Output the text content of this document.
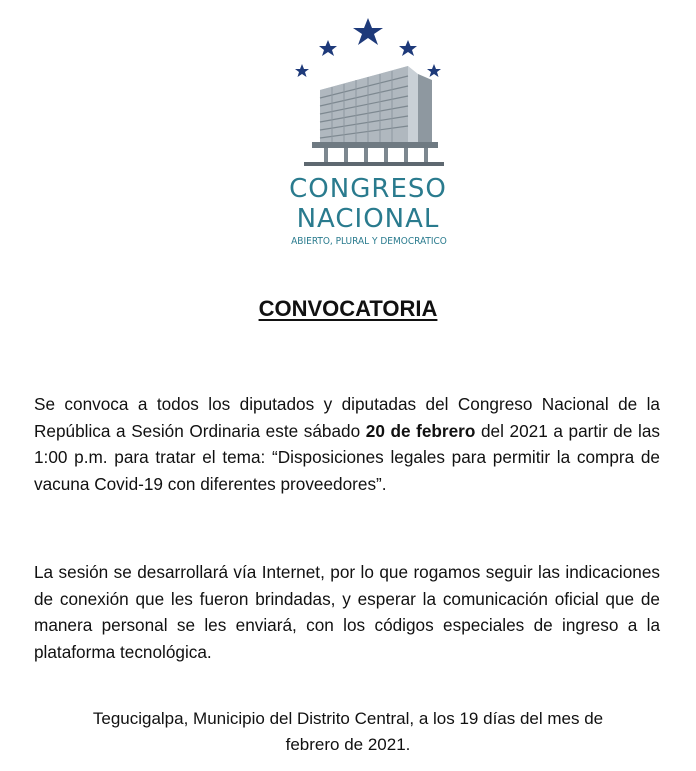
CONGRESO
NACIONAL
ABIERTO, PLURAL Y DEMOCRÁTICO
CONVOCATORIA

Se convoca a todos los diputados y diputadas del Congreso Nacional de la República a Sesión Ordinaria este sábado 20 de febrero del 2021 a partir de las 1:00 p.m. para tratar el tema: “Disposiciones legales para permitir la compra de vacuna Covid-19 con diferentes proveedores”.

La sesión se desarrollará vía Internet, por lo que rogamos seguir las indicaciones de conexión que les fueron brindadas, y esperar la comunicación oficial que de manera personal se les enviará, con los códigos especiales de ingreso a la plataforma tecnológica.

Tegucigalpa, Municipio del Distrito Central, a los 19 días del mes de
febrero de 2021.
